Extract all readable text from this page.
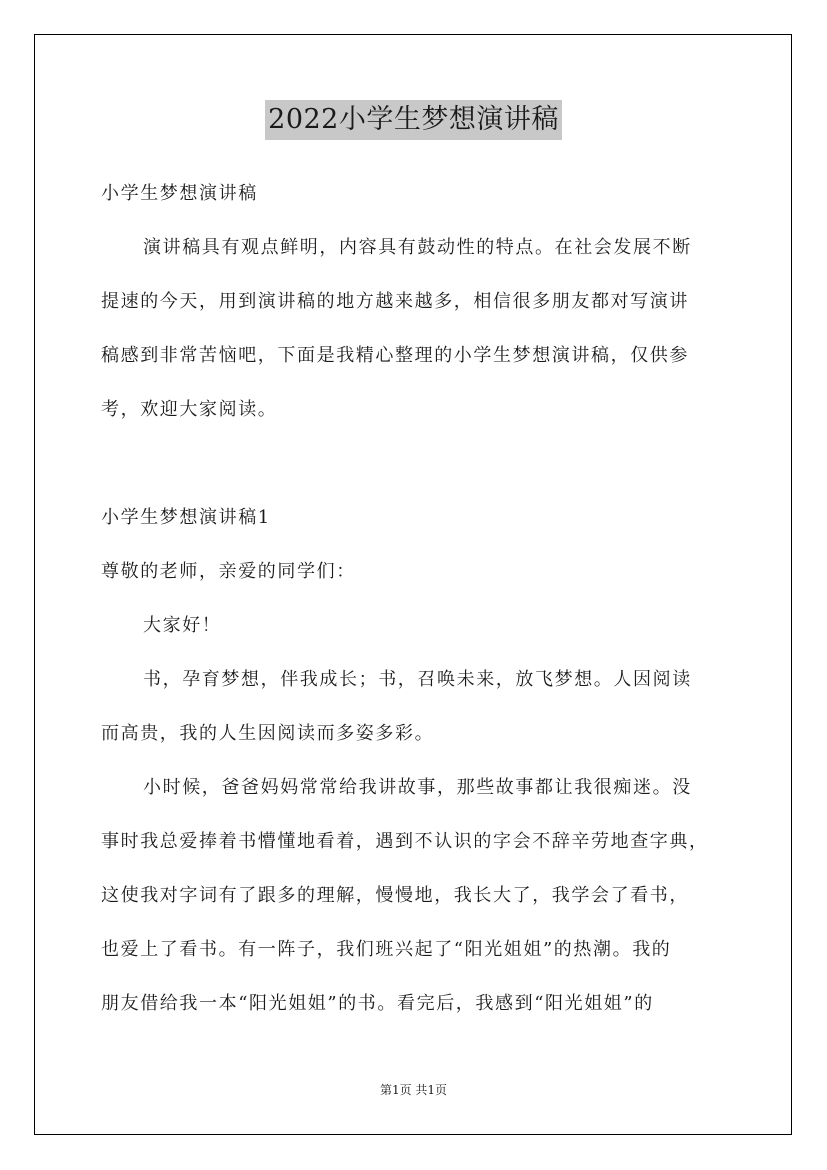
2022小学生梦想演讲稿
小学生梦想演讲稿
演讲稿具有观点鲜明，内容具有鼓动性的特点。在社会发展不断
提速的今天，用到演讲稿的地方越来越多，相信很多朋友都对写演讲
稿感到非常苦恼吧，下面是我精心整理的小学生梦想演讲稿，仅供参
考，欢迎大家阅读。
小学生梦想演讲稿1
尊敬的老师，亲爱的同学们：
大家好！
书，孕育梦想，伴我成长；书，召唤未来，放飞梦想。人因阅读
而高贵，我的人生因阅读而多姿多彩。
小时候，爸爸妈妈常常给我讲故事，那些故事都让我很痴迷。没
事时我总爱捧着书懵懂地看着，遇到不认识的字会不辞辛劳地查字典，
这使我对字词有了跟多的理解，慢慢地，我长大了，我学会了看书，
也爱上了看书。有一阵子，我们班兴起了“阳光姐姐”的热潮。我的
朋友借给我一本“阳光姐姐”的书。看完后，我感到“阳光姐姐”的
第1页 共1页
